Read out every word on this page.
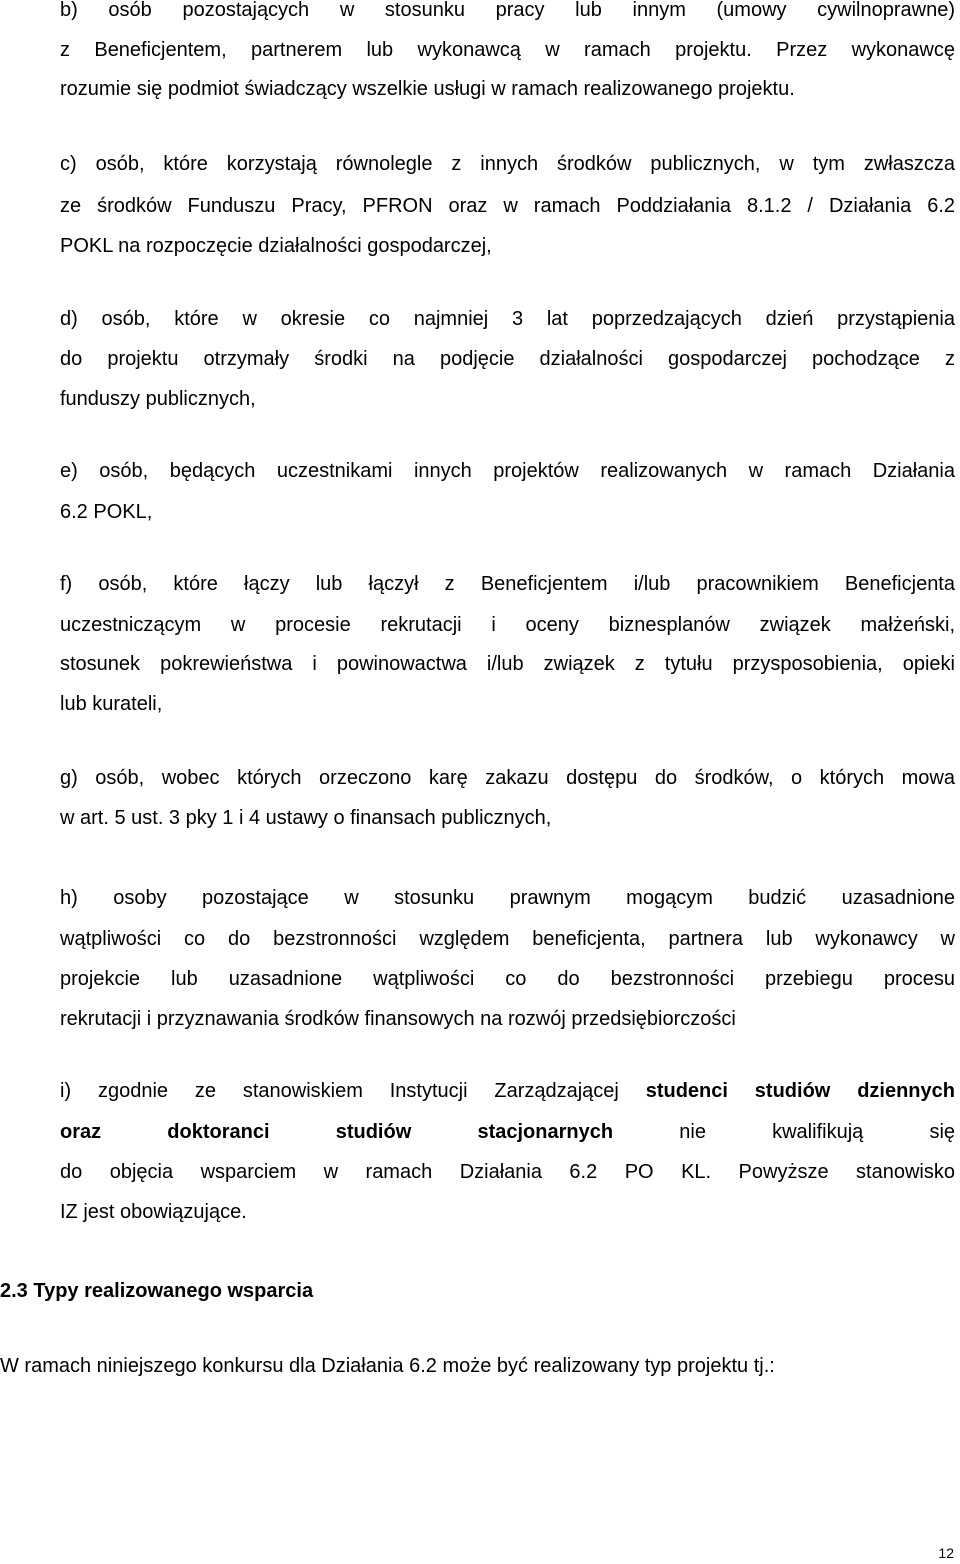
b) osób pozostających w stosunku pracy lub innym (umowy cywilnoprawne)
z Beneficjentem, partnerem lub wykonawcą w ramach projektu. Przez wykonawcę
rozumie się podmiot świadczący wszelkie usługi w ramach realizowanego projektu.
c) osób, które korzystają równolegle z innych środków publicznych, w tym zwłaszcza
ze środków Funduszu Pracy, PFRON oraz w ramach Poddziałania 8.1.2 / Działania 6.2
POKL na rozpoczęcie działalności gospodarczej,
d) osób, które w okresie co najmniej 3 lat poprzedzających dzień przystąpienia
do projektu otrzymały środki na podjęcie działalności gospodarczej pochodzące z
funduszy publicznych,
e) osób, będących uczestnikami innych projektów realizowanych w ramach Działania
6.2 POKL,
f) osób, które łączy lub łączył z Beneficjentem i/lub pracownikiem Beneficjenta
uczestniczącym w procesie rekrutacji i oceny biznesplanów związek małżeński,
stosunek pokrewieństwa i powinowactwa i/lub związek z tytułu przysposobienia, opieki
lub kurateli,
g) osób, wobec których orzeczono karę zakazu dostępu do środków, o których mowa
w art. 5 ust. 3 pky 1 i 4 ustawy o finansach publicznych,
h) osoby pozostające w stosunku prawnym mogącym budzić uzasadnione
wątpliwości co do bezstronności względem beneficjenta, partnera lub wykonawcy w
projekcie lub uzasadnione wątpliwości co do bezstronności przebiegu procesu
rekrutacji i przyznawania środków finansowych na rozwój przedsiębiorczości
i) zgodnie ze stanowiskiem Instytucji Zarządzającej studenci studiów dziennych
oraz doktoranci studiów stacjonarnych	nie kwalifikują się
do objęcia wsparciem w ramach Działania 6.2 PO KL. Powyższe stanowisko
IZ jest obowiązujące.
2.3 Typy realizowanego wsparcia
W ramach niniejszego konkursu dla Działania 6.2 może być realizowany typ projektu tj.:
12
